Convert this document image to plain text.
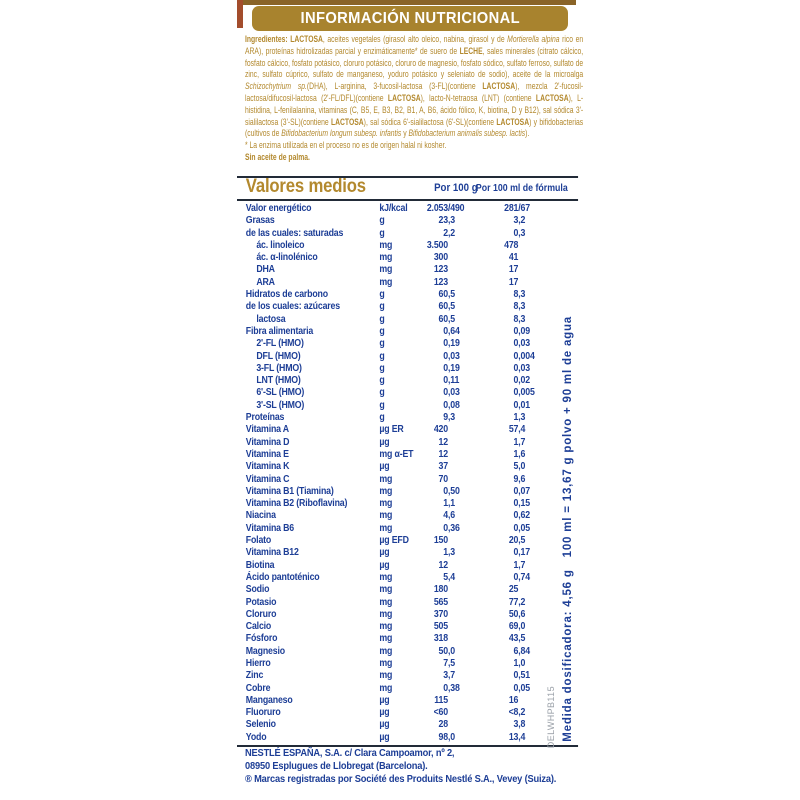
INFORMACIÓN NUTRICIONAL

Ingredientes: LACTOSA, aceites vegetales (girasol alto oleico, nabina, girasol y de Mortierella alpina rico en ARA), proteínas hidrolizadas parcial y enzimáticamente* de suero de LECHE, sales minerales (citrato cálcico, fosfato cálcico, fosfato potásico, cloruro potásico, cloruro de magnesio, fosfato sódico, sulfato ferroso, sulfato de zinc, sulfato cúprico, sulfato de manganeso, yoduro potásico y seleniato de sodio), aceite de la microalga Schizochytrium sp.(DHA), L-arginina, 3-fucosil-lactosa (3-FL)(contiene LACTOSA), mezcla 2'-fucosil-lactosa/difucosil-lactosa (2'-FL/DFL)(contiene LACTOSA), lacto-N-tetraosa (LNT) (contiene LACTOSA), L-histidina, L-fenilalanina, vitaminas (C, B5, E, B3, B2, B1, A, B6, ácido fólico, K, biotina, D y B12), sal sódica 3'-sialilactosa (3'-SL)(contiene LACTOSA), sal sódica 6'-sialilactosa (6'-SL)(contiene LACTOSA) y bifidobacterias (cultivos de Bifidobacterium longum subesp. infantis y Bifidobacterium animalis subesp. lactis).

* La enzima utilizada en el proceso no es de origen halal ni kosher.

Sin aceite de palma.

Valores medios	Por 100 g
Por 100 ml de fórmula
Valor energético	kJ/kcal	2.053 /490	281 /67
Grasas	g	23 ,3	3 ,2
de las cuales: saturadas	g	2 ,2	0 ,3
ác. linoleico	mg	3.500	478
ác. α-linolénico	mg	300	41
DHA	mg	123	17
ARA	mg	123	17
Hidratos de carbono	g	60 ,5	8 ,3
de los cuales: azúcares	g	60 ,5	8 ,3
lactosa	g	60 ,5	8 ,3
Fibra alimentaria	g	0 ,64	0 ,09
2'-FL (HMO)	g	0 ,19	0 ,03
DFL (HMO)	g	0 ,03	0 ,004
3-FL (HMO)	g	0 ,19	0 ,03
LNT (HMO)	g	0 ,11	0 ,02
6'-SL (HMO)	g	0 ,03	0 ,005
3'-SL (HMO)	g	0 ,08	0 ,01
Proteínas	g	9 ,3	1 ,3
Vitamina A	µg ER	420	57 ,4
Vitamina D	µg	12	1 ,7
Vitamina E	mg α-ET	12	1 ,6
Vitamina K	µg	37	5 ,0
Vitamina C	mg	70	9 ,6
Vitamina B1 (Tiamina)	mg	0 ,50	0 ,07
Vitamina B2 (Riboflavina)	mg	1 ,1	0 ,15
Niacina	mg	4 ,6	0 ,62
Vitamina B6	mg	0 ,36	0 ,05
Folato	µg EFD	150	20 ,5
Vitamina B12	µg	1 ,3	0 ,17
Biotina	µg	12	1 ,7
Ácido pantoténico	mg	5 ,4	0 ,74
Sodio	mg	180	25
Potasio	mg	565	77 ,2
Cloruro	mg	370	50 ,6
Calcio	mg	505	69 ,0
Fósforo	mg	318	43 ,5
Magnesio	mg	50 ,0	6 ,84
Hierro	mg	7 ,5	1 ,0
Zinc	mg	3 ,7	0 ,51
Cobre	mg	0 ,38	0 ,05
Manganeso	µg	115	16
Fluoruro	µg	<60	<8 ,2
Selenio	µg	28	3 ,8
Yodo	µg	98 ,0	13 ,4

NESTLÉ ESPAÑA, S.A. c/ Clara Campoamor, nº 2,

08950 Esplugues de Llobregat (Barcelona).

® Marcas registradas por Société des Produits Nestlé S.A., Vevey (Suiza).

Medida dosificadora: 4,56 g   100 ml = 13,67 g polvo + 90 ml de agua
DELWHPB115
